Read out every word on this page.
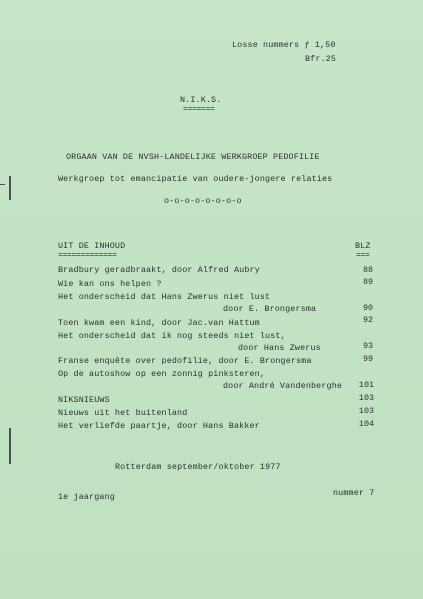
Losse nummers ƒ 1,50
Bfr.25
N.I.K.S.
=======
ORGAAN VAN DE NVSH-LANDELIJKE WERKGROEP PEDOFILIE
Werkgroep tot emancipatie van oudere-jongere relaties
o-o-o-o-o-o-o-o
UIT DE INHOUD
=============
BLZ
===
Bradbury geradbraakt, door Alfred Aubry	88
Wie kan ons helpen ?	89
Het onderscheid dat Hans Zwerus niet lust
door E. Brongersma	90
Toen kwam een kind, door Jac.van Hattum	92
Het onderscheid dat ik nog steeds niet lust,
door Hans Zwerus	93
Franse enquête over pedofilie, door E. Brongersma	99
Op de autoshow op een zonnig pinksteren,
door André Vandenberghe	101
NIKSNIEUWS	103
Nieuws uit het buitenland	103
Het verliefde paartje, door Hans Bakker	104
Rotterdam september/oktober 1977
1e jaargang	nummer 7
